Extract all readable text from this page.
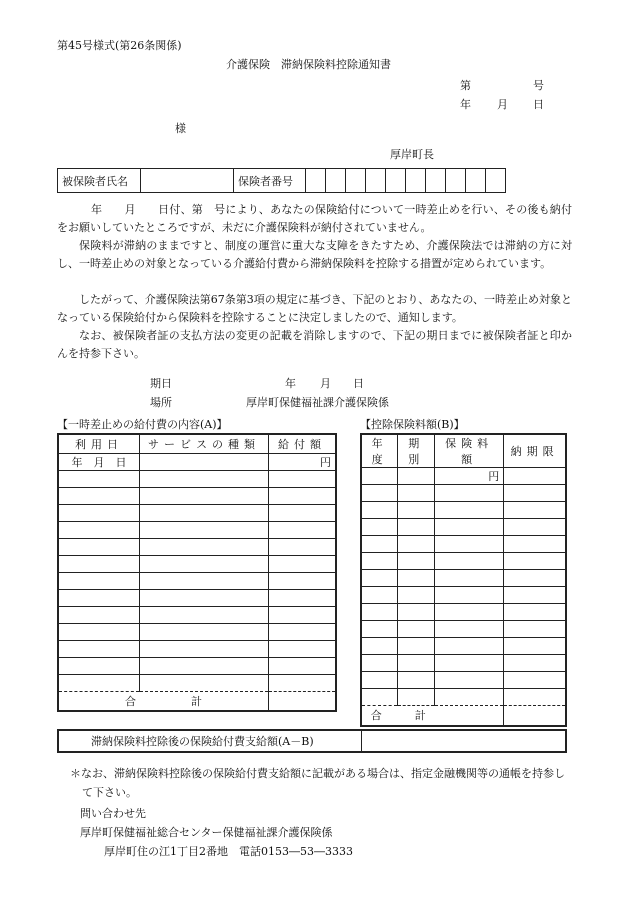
第45号様式(第26条関係)
介護保険　滞納保険料控除通知書
第	号
年 月 日
様
厚岸町長
被保険者氏名		保険者番号										
年　　月　　日付、第　号により、あなたの保険給付について一時差止めを行い、その後も納付をお願いしていたところですが、未だに介護保険料が納付されていません。
保険料が滞納のままですと、制度の運営に重大な支障をきたすため、介護保険法では滞納の方に対し、一時差止めの対象となっている介護給付費から滞納保険料を控除する措置が定められています。
したがって、介護保険法第67条第3項の規定に基づき、下記のとおり、あなたの、一時差止め対象となっている保険給付から保険料を控除することに決定しましたので、通知します。
なお、被保険者証の支払方法の変更の記載を消除しますので、下記の期日までに被保険者証と印かんを持参下さい。
期日	年 月 日
場所	厚岸町保健福祉課介護保険係
【一時差止めの給付費の内容(A)】
利用日	サービスの種類	給付額
年　月　日		円

合　　　　　計		
【控除保険料額(B)】
年度	期別	保険料額	納期限
		円	

合　　　計			
滞納保険料控除後の保険給付費支給額(A－B)
＊なお、滞納保険料控除後の保険給付費支給額に記載がある場合は、指定金融機関等の通帳を持参して下さい。
問い合わせ先
厚岸町保健福祉総合センター保健福祉課介護保険係
厚岸町住の江1丁目2番地　電話0153―53―3333
